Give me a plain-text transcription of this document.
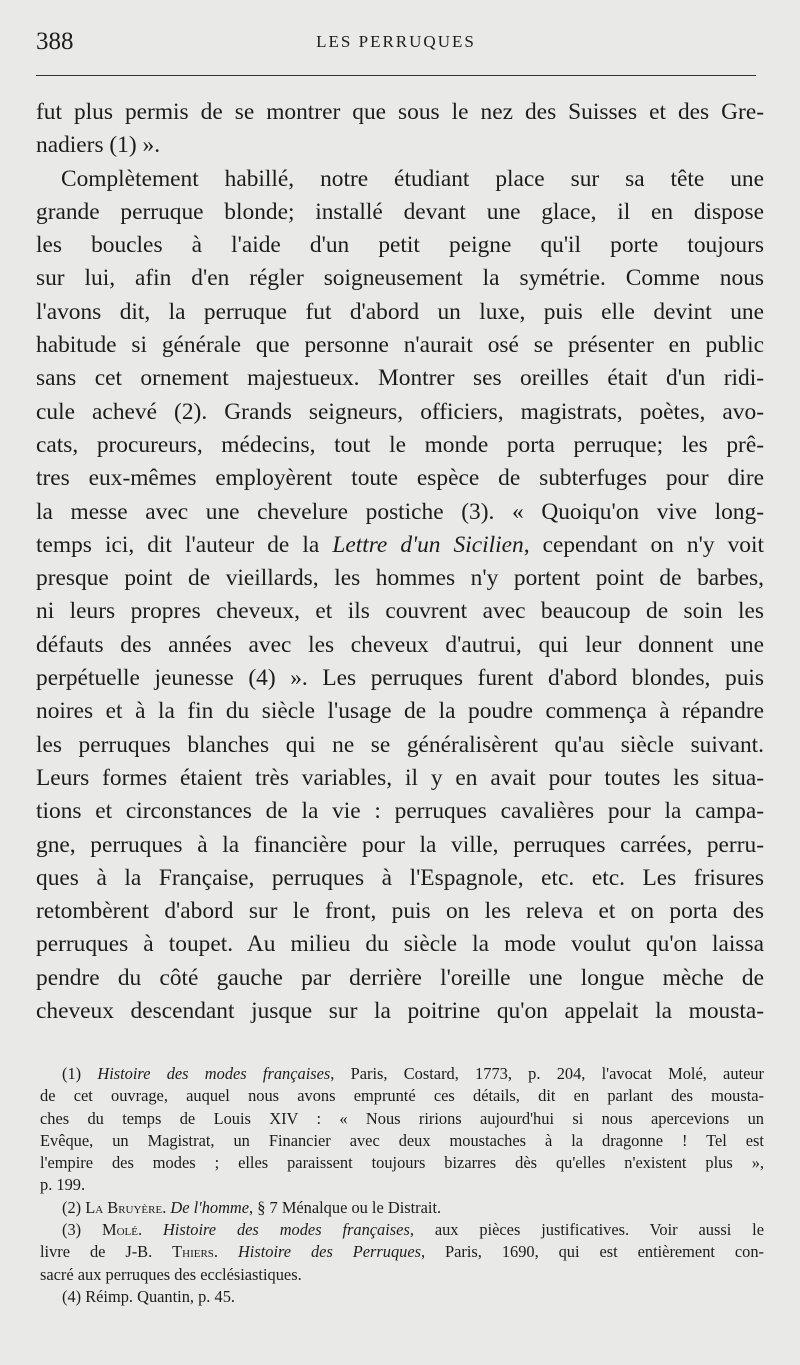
388	LES PERRUQUES
fut plus permis de se montrer que sous le nez des Suisses et des Gre-
nadiers (1) ».
Complètement habillé, notre étudiant place sur sa tête une
grande perruque blonde; installé devant une glace, il en dispose
les boucles à l'aide d'un petit peigne qu'il porte toujours
sur lui, afin d'en régler soigneusement la symétrie. Comme nous
l'avons dit, la perruque fut d'abord un luxe, puis elle devint une
habitude si générale que personne n'aurait osé se présenter en public
sans cet ornement majestueux. Montrer ses oreilles était d'un ridi-
cule achevé (2). Grands seigneurs, officiers, magistrats, poètes, avo-
cats, procureurs, médecins, tout le monde porta perruque; les prê-
tres eux-mêmes employèrent toute espèce de subterfuges pour dire
la messe avec une chevelure postiche (3). « Quoiqu'on vive long-
temps ici, dit l'auteur de la Lettre d'un Sicilien, cependant on n'y voit
presque point de vieillards, les hommes n'y portent point de barbes,
ni leurs propres cheveux, et ils couvrent avec beaucoup de soin les
défauts des années avec les cheveux d'autrui, qui leur donnent une
perpétuelle jeunesse (4) ». Les perruques furent d'abord blondes, puis
noires et à la fin du siècle l'usage de la poudre commença à répandre
les perruques blanches qui ne se généralisèrent qu'au siècle suivant.
Leurs formes étaient très variables, il y en avait pour toutes les situa-
tions et circonstances de la vie : perruques cavalières pour la campa-
gne, perruques à la financière pour la ville, perruques carrées, perru-
ques à la Française, perruques à l'Espagnole, etc. etc. Les frisures
retombèrent d'abord sur le front, puis on les releva et on porta des
perruques à toupet. Au milieu du siècle la mode voulut qu'on laissa
pendre du côté gauche par derrière l'oreille une longue mèche de
cheveux descendant jusque sur la poitrine qu'on appelait la mousta-
(1) Histoire des modes françaises, Paris, Costard, 1773, p. 204, l'avocat Molé, auteur
de cet ouvrage, auquel nous avons emprunté ces détails, dit en parlant des mousta-
ches du temps de Louis XIV : « Nous ririons aujourd'hui si nous apercevions un
Evêque, un Magistrat, un Financier avec deux moustaches à la dragonne ! Tel est
l'empire des modes ; elles paraissent toujours bizarres dès qu'elles n'existent plus »,
p. 199.
(2) La Bruyère. De l'homme, § 7 Ménalque ou le Distrait.
(3) Molé. Histoire des modes françaises, aux pièces justificatives. Voir aussi le
livre de J-B. Thiers. Histoire des Perruques, Paris, 1690, qui est entièrement con-
sacré aux perruques des ecclésiastiques.
(4) Réimp. Quantin, p. 45.
